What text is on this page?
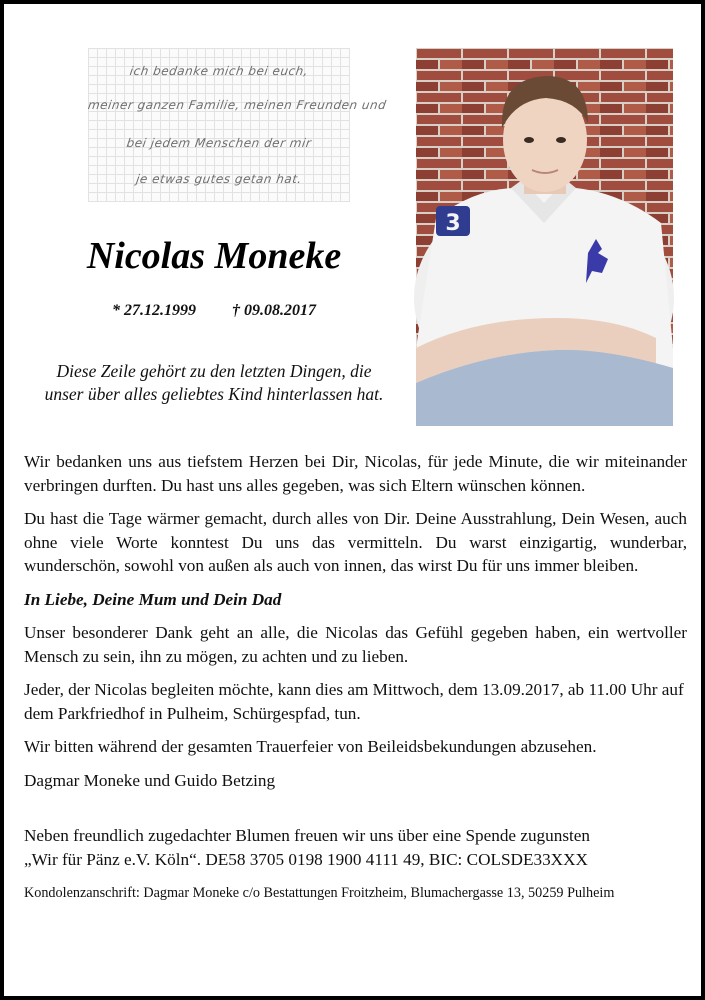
ich bedanke mich bei euch,
meiner ganzen Familie, meinen Freunden und
bei jedem Menschen der mir
je etwas gutes getan hat.
Nicolas Moneke
* 27.12.1999 † 09.08.2017
Diese Zeile gehört zu den letzten Dingen, die
unser über alles geliebtes Kind hinterlassen hat.
3

Wir bedanken uns aus tiefstem Herzen bei Dir, Nicolas, für jede Minute, die wir miteinander verbringen durften. Du hast uns alles gegeben, was sich Eltern wünschen können.

Du hast die Tage wärmer gemacht, durch alles von Dir. Deine Ausstrahlung, Dein Wesen, auch ohne viele Worte konntest Du uns das vermitteln. Du warst einzigartig, wunderbar, wunderschön, sowohl von außen als auch von innen, das wirst Du für uns immer bleiben.

In Liebe, Deine Mum und Dein Dad

Unser besonderer Dank geht an alle, die Nicolas das Gefühl gegeben haben, ein wertvoller Mensch zu sein, ihn zu mögen, zu achten und zu lieben.

Jeder, der Nicolas begleiten möchte, kann dies am Mittwoch, dem 13.09.2017, ab 11.00 Uhr auf dem Parkfriedhof in Pulheim, Schürgespfad, tun.

Wir bitten während der gesamten Trauerfeier von Beileidsbekundungen abzusehen.

Dagmar Moneke und Guido Betzing

Neben freundlich zugedachter Blumen freuen wir uns über eine Spende zugunsten

„Wir für Pänz e.V. Köln“. DE58 3705 0198 1900 4111 49, BIC: COLSDE33XXX

Kondolenzanschrift: Dagmar Moneke c/o Bestattungen Froitzheim, Blumachergasse 13, 50259 Pulheim
